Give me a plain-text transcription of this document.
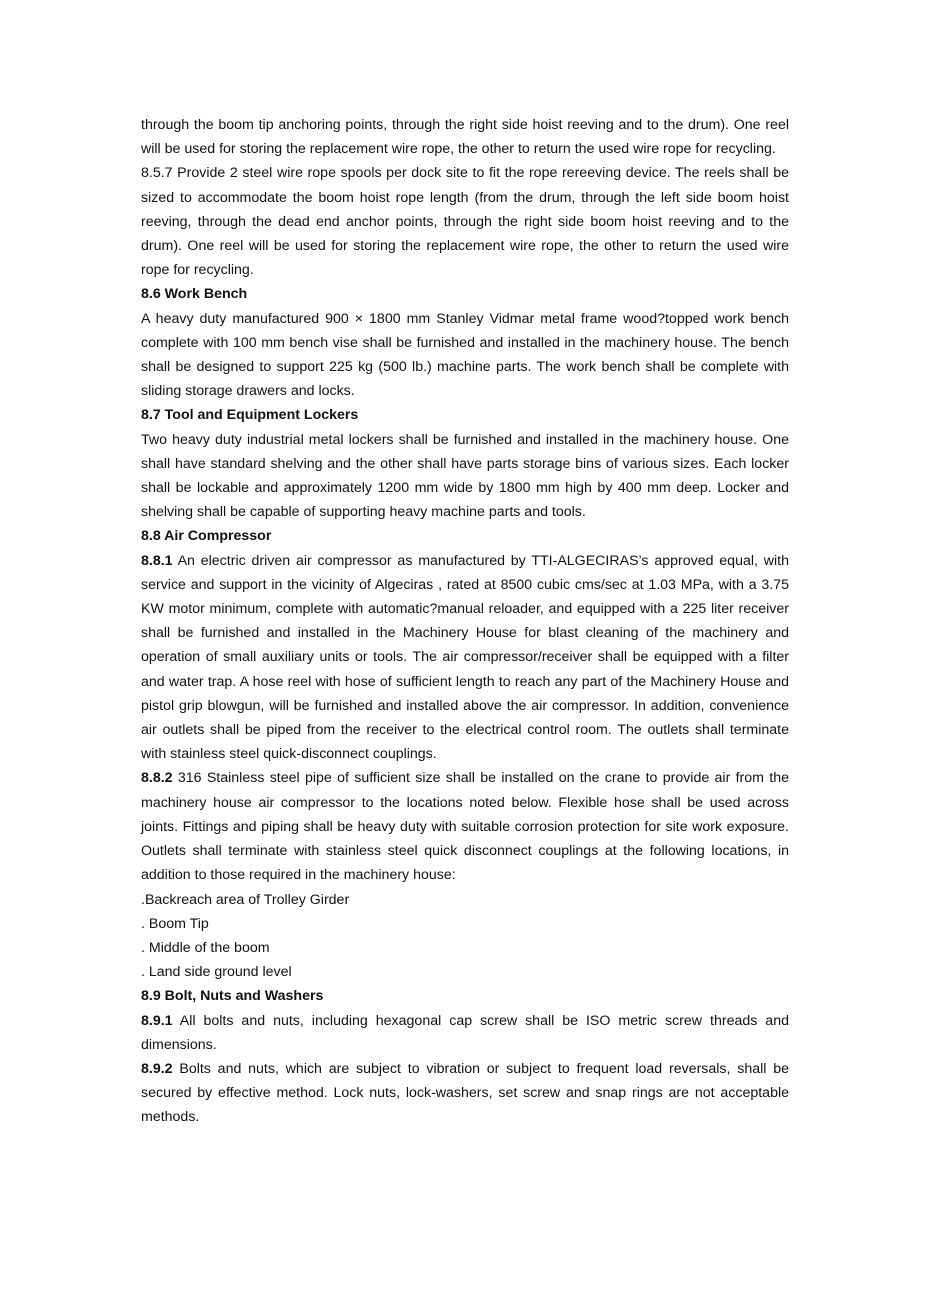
through the boom tip anchoring points, through the right side hoist reeving and to the drum). One reel will be used for storing the replacement wire rope, the other to return the used wire rope for recycling.

8.5.7 Provide 2 steel wire rope spools per dock site to fit the rope rereeving device. The reels shall be sized to accommodate the boom hoist rope length (from the drum, through the left side boom hoist reeving, through the dead end anchor points, through the right side boom hoist reeving and to the drum). One reel will be used for storing the replacement wire rope, the other to return the used wire rope for recycling.

8.6 Work Bench

A heavy duty manufactured 900 × 1800 mm Stanley Vidmar metal frame wood?topped work bench complete with 100 mm bench vise shall be furnished and installed in the machinery house. The bench shall be designed to support 225 kg (500 lb.) machine parts. The work bench shall be complete with sliding storage drawers and locks.

8.7 Tool and Equipment Lockers

Two heavy duty industrial metal lockers shall be furnished and installed in the machinery house. One shall have standard shelving and the other shall have parts storage bins of various sizes. Each locker shall be lockable and approximately 1200 mm wide by 1800 mm high by 400 mm deep. Locker and shelving shall be capable of supporting heavy machine parts and tools.

8.8 Air Compressor

8.8.1 An electric driven air compressor as manufactured by TTI-ALGECIRAS’s approved equal, with service and support in the vicinity of Algeciras , rated at 8500 cubic cms/sec at 1.03 MPa, with a 3.75 KW motor minimum, complete with automatic?manual reloader, and equipped with a 225 liter receiver shall be furnished and installed in the Machinery House for blast cleaning of the machinery and operation of small auxiliary units or tools. The air compressor/receiver shall be equipped with a filter and water trap. A hose reel with hose of sufficient length to reach any part of the Machinery House and pistol grip blowgun, will be furnished and installed above the air compressor. In addition, convenience air outlets shall be piped from the receiver to the electrical control room. The outlets shall terminate with stainless steel quick-disconnect couplings.

8.8.2 316 Stainless steel pipe of sufficient size shall be installed on the crane to provide air from the machinery house air compressor to the locations noted below. Flexible hose shall be used across joints. Fittings and piping shall be heavy duty with suitable corrosion protection for site work exposure. Outlets shall terminate with stainless steel quick disconnect couplings at the following locations, in addition to those required in the machinery house:

.Backreach area of Trolley Girder

. Boom Tip

. Middle of the boom

. Land side ground level

8.9 Bolt, Nuts and Washers

8.9.1 All bolts and nuts, including hexagonal cap screw shall be ISO metric screw threads and dimensions.

8.9.2 Bolts and nuts, which are subject to vibration or subject to frequent load reversals, shall be secured by effective method. Lock nuts, lock-washers, set screw and snap rings are not acceptable methods.
